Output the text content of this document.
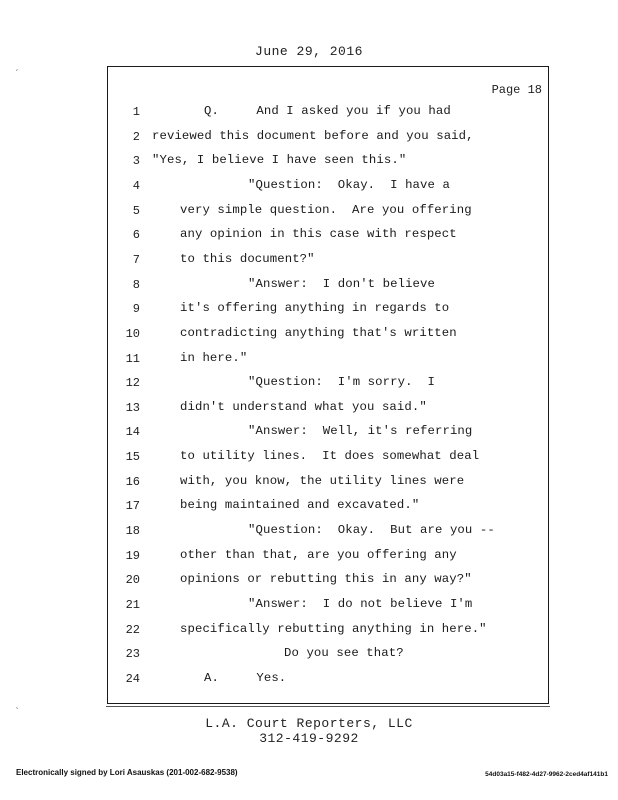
ˊ
ˎ
June 29, 2016
Page 18
1	Q.     And I asked you if you had
2 reviewed this document before and you said,
3 "Yes, I believe I have seen this."
4	"Question:  Okay.  I have a
5	very simple question.  Are you offering
6	any opinion in this case with respect
7	to this document?"
8	"Answer:  I don't believe
9	it's offering anything in regards to
10	contradicting anything that's written
11	in here."
12	"Question:  I'm sorry.  I
13	didn't understand what you said."
14	"Answer:  Well, it's referring
15	to utility lines.  It does somewhat deal
16	with, you know, the utility lines were
17	being maintained and excavated."
18	"Question:  Okay.  But are you --
19	other than that, are you offering any
20	opinions or rebutting this in any way?"
21	"Answer:  I do not believe I'm
22	specifically rebutting anything in here."
23	Do you see that?
24	A.     Yes.
L.A. Court Reporters, LLC
312-419-9292
Electronically signed by Lori Asauskas (201-002-682-9538)	54d03a15-f482-4d27-9962-2ced4af141b1
